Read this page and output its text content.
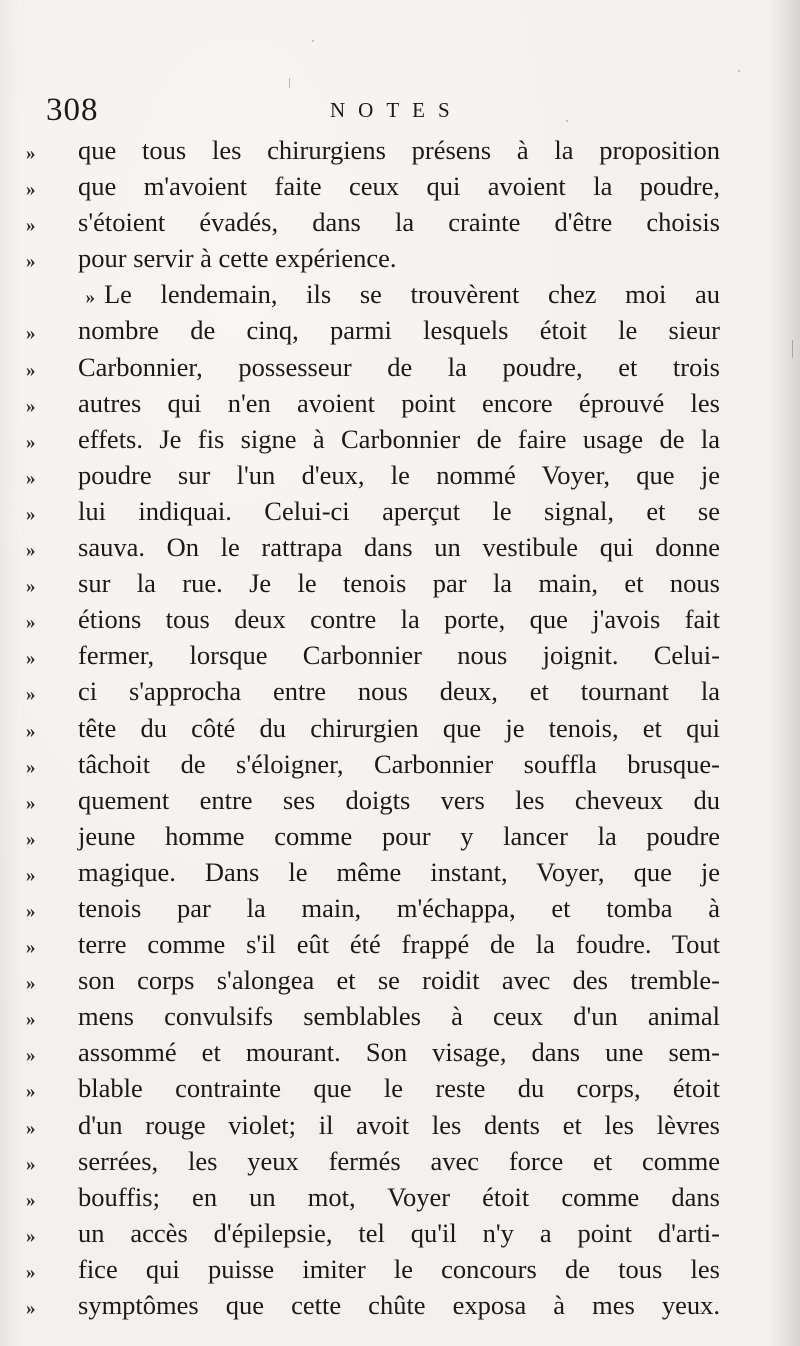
308	NOTES
»	que tous les chirurgiens présens à la proposition
»	que m'avoient faite ceux qui avoient la poudre,
»	s'étoient évadés, dans la crainte d'être choisis
»	pour servir à cette expérience.
» Le lendemain, ils se trouvèrent chez moi au
»	nombre de cinq, parmi lesquels étoit le sieur
»	Carbonnier, possesseur de la poudre, et trois
»	autres qui n'en avoient point encore éprouvé les
»	effets. Je fis signe à Carbonnier de faire usage de la
»	poudre sur l'un d'eux, le nommé Voyer, que je
»	lui indiquai. Celui-ci aperçut le signal, et se
»	sauva. On le rattrapa dans un vestibule qui donne
»	sur la rue. Je le tenois par la main, et nous
»	étions tous deux contre la porte, que j'avois fait
»	fermer, lorsque Carbonnier nous joignit. Celui-
»	ci s'approcha entre nous deux, et tournant la
»	tête du côté du chirurgien que je tenois, et qui
»	tâchoit de s'éloigner, Carbonnier souffla brusque-
»	quement entre ses doigts vers les cheveux du
»	jeune homme comme pour y lancer la poudre
»	magique. Dans le même instant, Voyer, que je
»	tenois par la main, m'échappa, et tomba à
»	terre comme s'il eût été frappé de la foudre. Tout
»	son corps s'alongea et se roidit avec des tremble-
»	mens convulsifs semblables à ceux d'un animal
»	assommé et mourant. Son visage, dans une sem-
»	blable contrainte que le reste du corps, étoit
»	d'un rouge violet; il avoit les dents et les lèvres
»	serrées, les yeux fermés avec force et comme
»	bouffis; en un mot, Voyer étoit comme dans
»	un accès d'épilepsie, tel qu'il n'y a point d'arti-
»	fice qui puisse imiter le concours de tous les
»	symptômes que cette chûte exposa à mes yeux.
